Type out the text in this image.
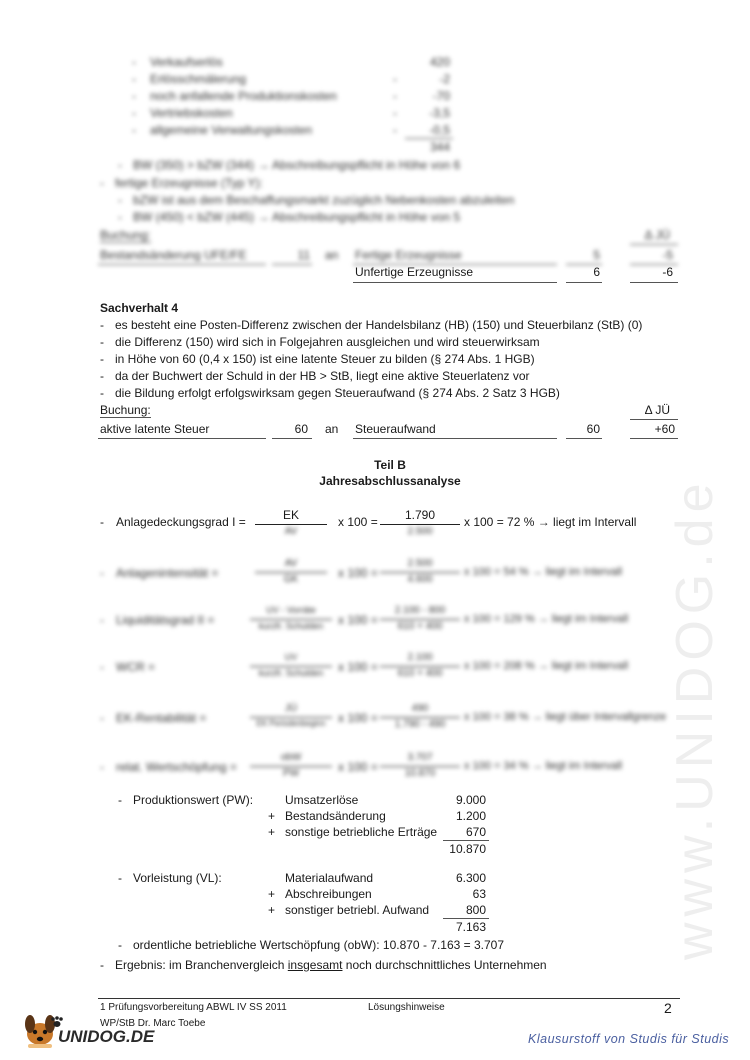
www.UNIDOG.de
- Verkaufserlös	420
- Erlösschmälerung	-	-2
- noch anfallende Produktionskosten	-	-70
- Vertriebskosten	-	-3,5
- allgemeine Verwaltungskosten	-	-0,5
344
- BW (350) > bZW (344) → Abschreibungspflicht in Höhe von 6
- fertige Erzeugnisse (Typ Y):
- bZW ist aus dem Beschaffungsmarkt zuzüglich Nebenkosten abzuleiten
- BW (450) < bZW (445) → Abschreibungspflicht in Höhe von 5
Buchung:	Δ JÜ
Bestandsänderung UFE/FE	11 an Fertige Erzeugnisse	5	-5
Unfertige Erzeugnisse	6	-6
Sachverhalt 4
- es besteht eine Posten-Differenz zwischen der Handelsbilanz (HB) (150) und Steuerbilanz (StB) (0)
- die Differenz (150) wird sich in Folgejahren ausgleichen und wird steuerwirksam
- in Höhe von 60 (0,4 x 150) ist eine latente Steuer zu bilden (§ 274 Abs. 1 HGB)
- da der Buchwert der Schuld in der HB > StB, liegt eine aktive Steuerlatenz vor
- die Bildung erfolgt erfolgswirksam gegen Steueraufwand (§ 274 Abs. 2 Satz 3 HGB)
Buchung:	Δ JÜ
aktive latente Steuer	60 an Steueraufwand	60	+60
Teil B
Jahresabschlussanalyse
- Anlagedeckungsgrad I =	EK
AV
x 100 =	1.790
2.500
x 100 = 72 % → liegt im Intervall
- Anlagenintensität =
AV
GK	x 100 =
2.500
4.600
x 100 = 54 % → liegt im Intervall
- Liquiditätsgrad II =
UV - Vorräte
kurzfr. Schulden	x 100 =
2.100 - 800
610 + 400
x 100 = 129 % → liegt im Intervall
- WCR =
UV
kurzfr. Schulden	x 100 =
2.100
610 + 400
x 100 = 208 % → liegt im Intervall
- EK-Rentabilität =
JÜ
EK Periodenbeginn	x 100 =
490
1.790 - 490
x 100 = 38 % → liegt über Intervallgrenze
- relat. Wertschöpfung =
obW
PW	x 100 =
3.707
10.870
x 100 = 34 % → liegt im Intervall
- Produktionswert (PW):	Umsatzerlöse	9.000
+ Bestandsänderung	1.200
+ sonstige betriebliche Erträge	670
10.870
- Vorleistung (VL):	Materialaufwand	6.300
+ Abschreibungen	63
+ sonstiger betriebl. Aufwand	800
7.163
- ordentliche betriebliche Wertschöpfung (obW): 10.870 - 7.163 = 3.707
- Ergebnis: im Branchenvergleich insgesamt noch durchschnittliches Unternehmen
1 Prüfungsvorbereitung ABWL IV SS 2011	Lösungshinweise	2
WP/StB Dr. Marc Toebe
UNIDOG.DE	Klausurstoff von Studis für Studis
